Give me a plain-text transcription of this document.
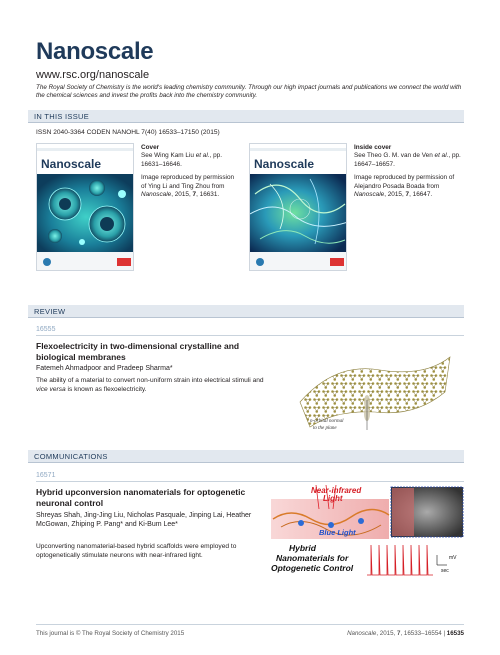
Nanoscale
www.rsc.org/nanoscale
The Royal Society of Chemistry is the world's leading chemistry community. Through our high impact journals and publications we connect the world with the chemical sciences and invest the profits back into the chemistry community.
IN THIS ISSUE
ISSN 2040-3364 CODEN NANOHL 7(40) 16533–17150 (2015)
Nanoscale
Cover
See Wing Kam Liu et al., pp. 16631–16646.
Image reproduced by permission of Ying Li and Ting Zhou from Nanoscale, 2015, 7, 16631.
Nanoscale
Inside cover
See Theo G. M. van de Ven et al., pp. 16647–16657.
Image reproduced by permission of Alejandro Posada Boada from Nanoscale, 2015, 7, 16647.
REVIEW
16555
Flexoelectricity in two-dimensional crystalline and biological membranes
Fatemeh Ahmadpoor and Pradeep Sharma*
The ability of a material to convert non-uniform strain into electrical stimuli and vice versa is known as flexoelectricity.
n-orbital normal
to the plane
COMMUNICATIONS
16571
Hybrid upconversion nanomaterials for optogenetic neuronal control
Shreyas Shah, Jing-Jing Liu, Nicholas Pasquale, Jinping Lai, Heather McGowan, Zhiping P. Pang* and Ki-Bum Lee*
Upconverting nanomaterial-based hybrid scaffolds were employed to optogenetically stimulate neurons with near-infrared light.
Near-infrared
Light
Blue Light
Hybrid
Nanomaterials for
Optogenetic Control
mV
sec
This journal is © The Royal Society of Chemistry 2015	Nanoscale, 2015, 7, 16533–16554 | 16535
